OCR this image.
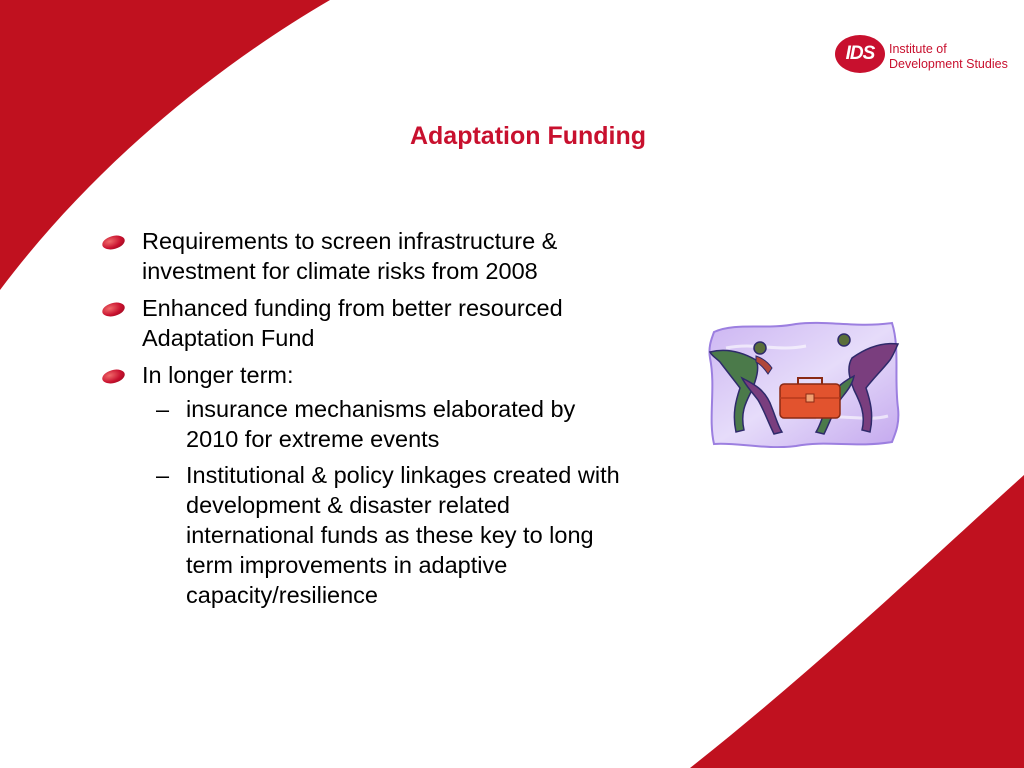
IDS	Institute of
Development Studies
Adaptation Funding
Requirements to screen infrastructure & investment for climate risks from 2008
Enhanced funding from better resourced Adaptation Fund
In longer term:
– insurance mechanisms elaborated by 2010 for extreme events
– Institutional & policy linkages created with development & disaster related international funds as these key to long term improvements in adaptive capacity/resilience
